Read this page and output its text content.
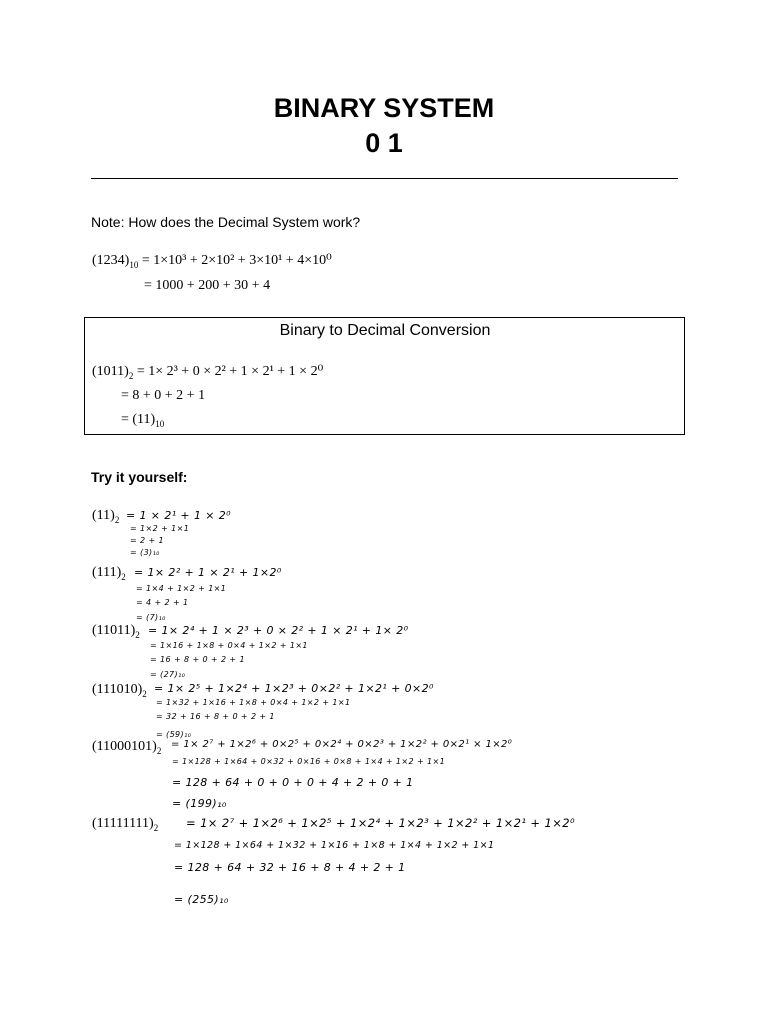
BINARY SYSTEM
0 1
Note: How does the Decimal System work?
$(1234)_{10} = 1\times 10^3 + 2\times 10^2 + 3\times 10^1 + 4\times 10^0$
= 1000 + 200 + 30 + 4
Binary to Decimal Conversion
$(1011)_2 = 1\times 2^3 + 0 \times 2^2 + 1 \times 2^1 + 1 \times 2^0$
= 8 + 0 + 2 + 1
= $(11)_{10}$
Try it yourself:
$(11)_2 = 1 \times 2^1 + 1 \times 2^0$
= 1×2 + 1×1
= 2 + 1
= (3)₁₀
$(111)_2 = 1\times 2^2 + 1 \times 2^1 + 1\times 2^0$
= 1×4 + 1×2 + 1×1
= 4 + 2 + 1
= (7)₁₀
$(11011)_2 = 1\times 2^4 + 1 \times 2^3 + 0 \times 2^2 + 1 \times 2^1 + 1\times 2^0$
= 1×16 + 1×8 + 0×4 + 1×2 + 1×1
= 16 + 8 + 0 + 2 + 1
= (27)₁₀
$(111010)_2 = 1\times 2^5 + 1\times 2^4 + 1\times 2^3 + 0\times 2^2 + 1\times 2^1 + 0\times 2^0$
= 1×32 + 1×16 + 1×8 + 0×4 + 1×2 + 1×1
= 32 + 16 + 8 + 0 + 2 + 1
= (59)₁₀
$(11000101)_2$
= 1× 2⁷ + 1×2⁶ + 0×2⁵ + 0×2⁴ + 0×2³ + 1×2² + 0×2¹ × 1×2⁰
= 1×128 + 1×64 + 0×32 + 0×16 + 0×8 + 1×4 + 1×2 + 1×1
= 128 + 64 + 0 + 0 + 0 + 4 + 2 + 0 + 1
= (199)₁₀
$(11111111)_2 = 1\times 2^7 + 1\times 2^6 + 1\times 2^5 + 1\times 2^4 + 1\times 2^3 + 1\times 2^2 + 1\times 2^1 + 1\times 2^0$
= 1×128 + 1×64 + 1×32 + 1×16 + 1×8 + 1×4 + 1×2 + 1×1
= 128 + 64 + 32 + 16 + 8 + 4 + 2 + 1
= (255)₁₀
